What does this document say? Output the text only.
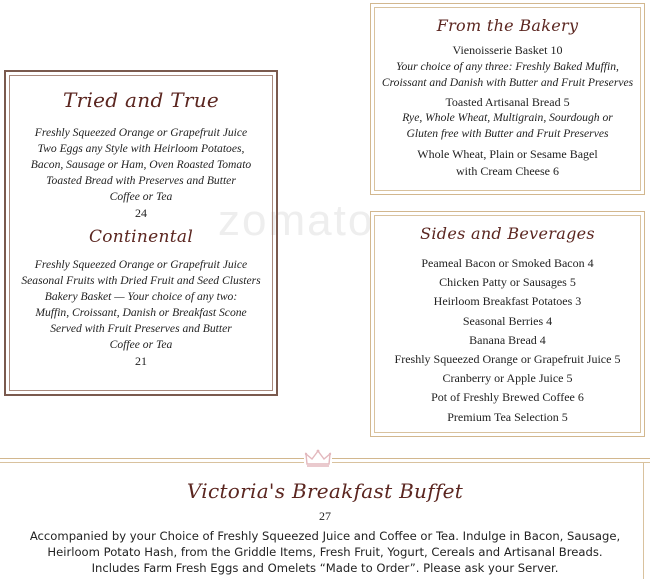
zomato
Tried and True

Freshly Squeezed Orange or Grapefruit Juice

Two Eggs any Style with Heirloom Potatoes,

Bacon, Sausage or Ham, Oven Roasted Tomato

Toasted Bread with Preserves and Butter

Coffee or Tea

24

Continental

Freshly Squeezed Orange or Grapefruit Juice

Seasonal Fruits with Dried Fruit and Seed Clusters

Bakery Basket — Your choice of any two:

Muffin, Croissant, Danish or Breakfast Scone

Served with Fruit Preserves and Butter

Coffee or Tea

21

From the Bakery

Vienoisserie Basket 10

Your choice of any three: Freshly Baked Muffin,

Croissant and Danish with Butter and Fruit Preserves

Toasted Artisanal Bread 5

Rye, Whole Wheat, Multigrain, Sourdough or

Gluten free with Butter and Fruit Preserves

Whole Wheat, Plain or Sesame Bagel

with Cream Cheese 6

Sides and Beverages

Peameal Bacon or Smoked Bacon 4

Chicken Patty or Sausages 5

Heirloom Breakfast Potatoes 3

Seasonal Berries 4

Banana Bread 4

Freshly Squeezed Orange or Grapefruit Juice 5

Cranberry or Apple Juice 5

Pot of Freshly Brewed Coffee 6

Premium Tea Selection 5

Victoria's Breakfast Buffet

27

Accompanied by your Choice of Freshly Squeezed Juice and Coffee or Tea. Indulge in Bacon, Sausage,

Heirloom Potato Hash, from the Griddle Items, Fresh Fruit, Yogurt, Cereals and Artisanal Breads.

Includes Farm Fresh Eggs and Omelets “Made to Order”. Please ask your Server.
